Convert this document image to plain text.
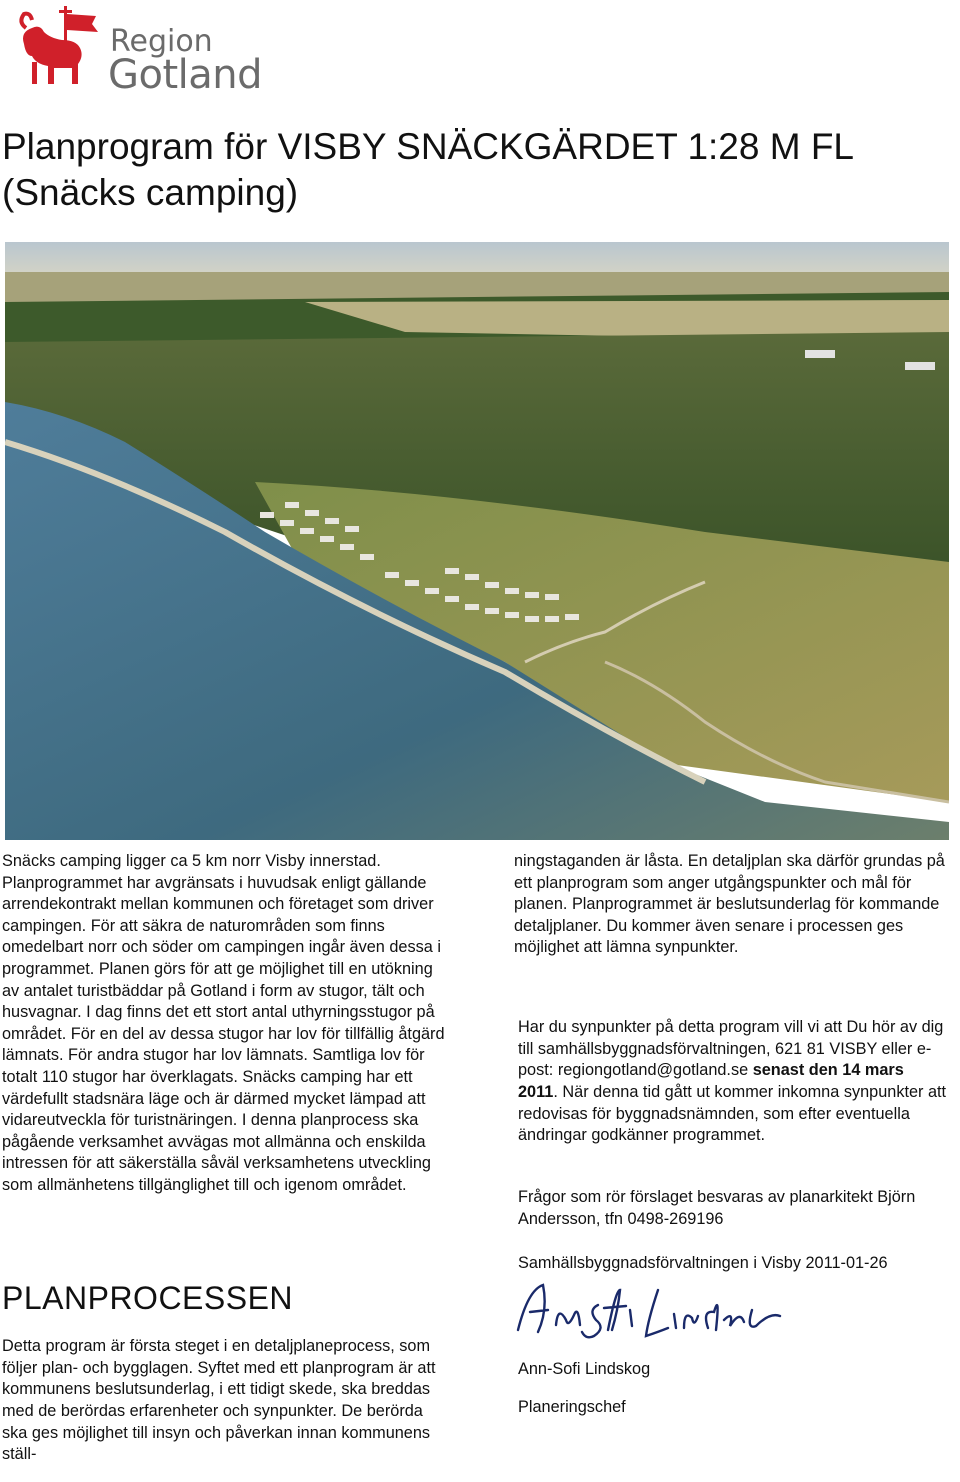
Region
Gotland
Planprogram för VISBY SNÄCKGÄRDET 1:28 M FL
(Snäcks camping)

Snäcks camping ligger ca 5 km norr Visby innerstad. Planprogrammet har avgränsats i huvudsak enligt gällande arrendekontrakt mellan kommunen och företaget som driver campingen. För att säkra de naturområden som finns omedelbart norr och söder om campingen ingår även dessa i programmet. Planen görs för att ge möjlighet till en utökning av antalet turistbäddar på Gotland i form av stugor, tält och husvagnar. I dag finns det ett stort antal uthyrningsstugor på området. För en del av dessa stugor har lov för tillfällig åtgärd lämnats. För andra stugor har lov lämnats. Samtliga lov för totalt 110 stugor har överklagats. Snäcks camping har ett värdefullt stadsnära läge och är därmed mycket lämpad att vidareutveckla för turistnäringen. I denna planprocess ska pågående verksamhet avvägas mot allmänna och enskilda intressen för att säkerställa såväl verksamhetens utveckling som allmänhetens tillgänglighet till och igenom området.

ningstaganden är låsta. En detaljplan ska därför grundas på ett planprogram som anger utgångspunkter och mål för planen. Planprogrammet är beslutsunderlag för kommande detaljplaner. Du kommer även senare i processen ges möjlighet att lämna synpunkter.

PLANPROCESSEN

Detta program är första steget i en detaljplaneprocess, som följer plan- och bygglagen. Syftet med ett planprogram är att kommunens beslutsunderlag, i ett tidigt skede, ska breddas med de berördas erfarenheter och synpunkter. De berörda ska ges möjlighet till insyn och påverkan innan kommunens ställ-

Har du synpunkter på detta program vill vi att Du hör av dig till samhällsbyggnadsförvaltningen, 621 81 VISBY eller e-post: regiongotland@gotland.se senast den 14 mars 2011. När denna tid gått ut kommer inkomna synpunkter att redovisas för byggnadsnämnden, som efter eventuella ändringar godkänner programmet.

Frågor som rör förslaget besvaras av planarkitekt Björn Andersson, tfn 0498-269196

Samhällsbyggnadsförvaltningen i Visby 2011-01-26

Ann-Sofi Lindskog

Planeringschef
